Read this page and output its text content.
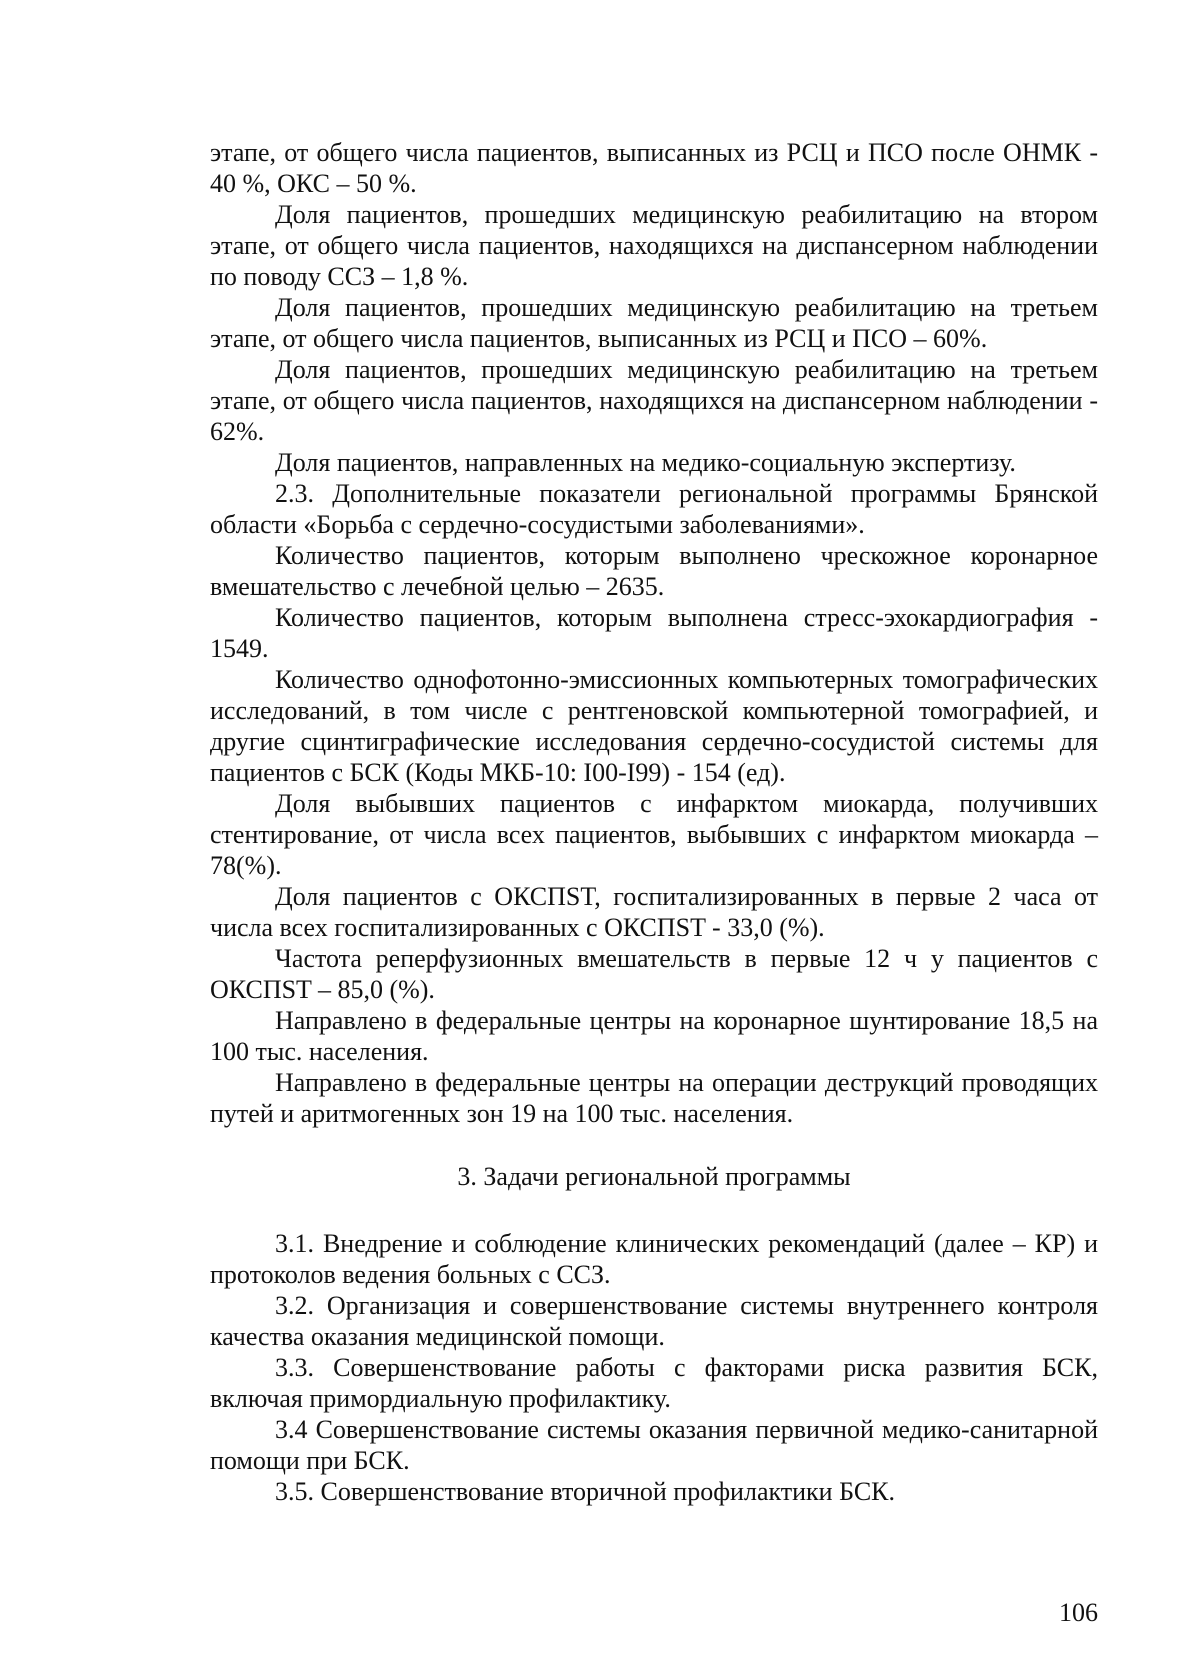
этапе, от общего числа пациентов, выписанных из РСЦ и ПСО после ОНМК - 40 %, ОКС – 50 %.

Доля пациентов, прошедших медицинскую реабилитацию на втором этапе, от общего числа пациентов, находящихся на диспансерном наблюдении по поводу ССЗ – 1,8 %.

Доля пациентов, прошедших медицинскую реабилитацию на третьем этапе, от общего числа пациентов, выписанных из РСЦ и ПСО – 60%.

Доля пациентов, прошедших медицинскую реабилитацию на третьем этапе, от общего числа пациентов, находящихся на диспансерном наблюдении - 62%.

Доля пациентов, направленных на медико-социальную экспертизу.

2.3. Дополнительные показатели региональной программы Брянской области «Борьба с сердечно-сосудистыми заболеваниями».

Количество пациентов, которым выполнено чрескожное коронарное вмешательство с лечебной целью – 2635.

Количество пациентов, которым выполнена стресс-эхокардиография - 1549.

Количество однофотонно-эмиссионных компьютерных томографических исследований, в том числе с рентгеновской компьютерной томографией, и другие сцинтиграфические исследования сердечно-сосудистой системы для пациентов с БСК (Коды МКБ-10: I00-I99) - 154 (ед).

Доля выбывших пациентов с инфарктом миокарда, получивших стентирование, от числа всех пациентов, выбывших с инфарктом миокарда – 78(%).

Доля пациентов с ОКСПST, госпитализированных в первые 2 часа от числа всех госпитализированных с ОКСПST - 33,0 (%).

Частота реперфузионных вмешательств в первые 12 ч у пациентов с ОКСПST – 85,0 (%).

Направлено в федеральные центры на коронарное шунтирование 18,5 на 100 тыс. населения.

Направлено в федеральные центры на операции деструкций проводящих путей и аритмогенных зон 19 на 100 тыс. населения.

3. Задачи региональной программы

3.1. Внедрение и соблюдение клинических рекомендаций (далее – КР) и протоколов ведения больных с ССЗ.

3.2. Организация и совершенствование системы внутреннего контроля качества оказания медицинской помощи.

3.3. Совершенствование работы с факторами риска развития БСК, включая примордиальную профилактику.

3.4 Совершенствование системы оказания первичной медико-санитарной помощи при БСК.

3.5. Совершенствование вторичной профилактики БСК.

106
